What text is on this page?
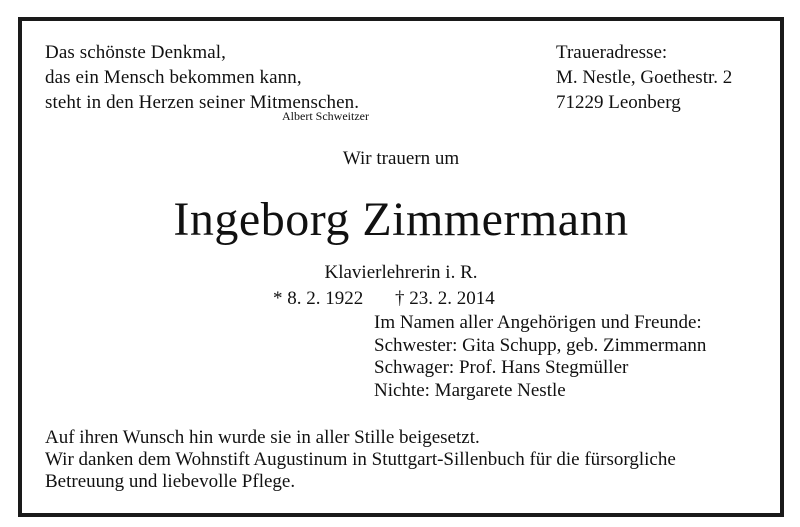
Das schönste Denkmal,
das ein Mensch bekommen kann,
steht in den Herzen seiner Mitmenschen.
Albert Schweitzer
Traueradresse:
M. Nestle, Goethestr. 2
71229 Leonberg
Wir trauern um
Ingeborg Zimmermann
Klavierlehrerin i. R.
* 8. 2. 1922 † 23. 2. 2014
Im Namen aller Angehörigen und Freunde:
Schwester: Gita Schupp, geb. Zimmermann
Schwager: Prof. Hans Stegmüller
Nichte: Margarete Nestle
Auf ihren Wunsch hin wurde sie in aller Stille beigesetzt.
Wir danken dem Wohnstift Augustinum in Stuttgart-Sillenbuch für die fürsorgliche
Betreuung und liebevolle Pflege.
